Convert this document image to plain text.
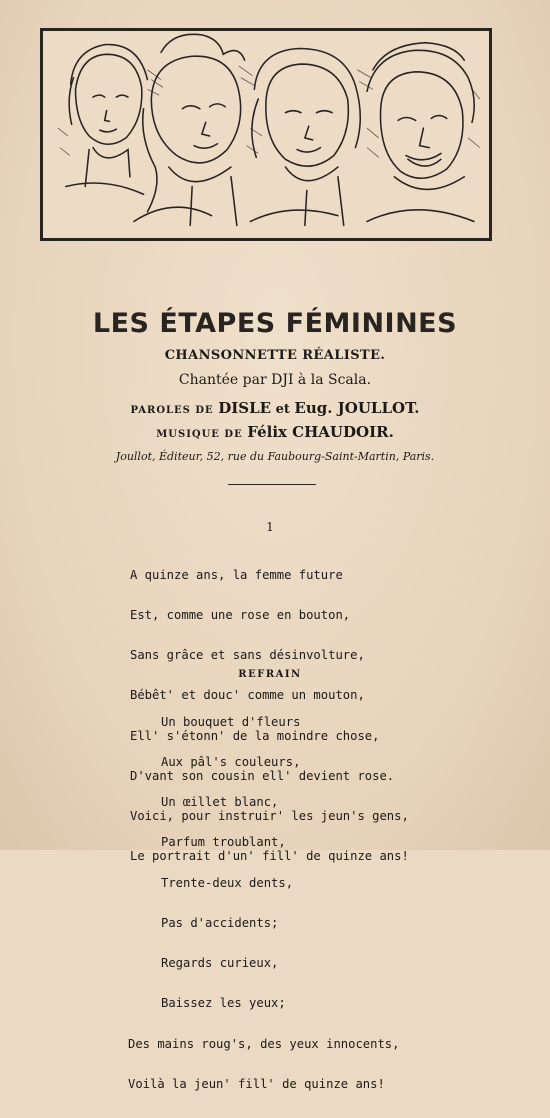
LES ÉTAPES FÉMININES
CHANSONNETTE RÉALISTE.
Chantée par DJI à la Scala.
PAROLES DE DISLE et Eug. JOULLOT.
MUSIQUE DE Félix CHAUDOIR.
Joullot, Éditeur, 52, rue du Faubourg-Saint-Martin, Paris.
1

A quinze ans, la femme future

Est, comme une rose en bouton,

Sans grâce et sans désinvolture,

Bébêt' et douc' comme un mouton,

Ell' s'étonn' de la moindre chose,

D'vant son cousin ell' devient rose.

Voici, pour instruir' les jeun's gens,

Le portrait d'un' fill' de quinze ans!

REFRAIN

Un bouquet d'fleurs

Aux pâl's couleurs,

Un œillet blanc,

Parfum troublant,

Trente-deux dents,

Pas d'accidents;

Regards curieux,

Baissez les yeux;

Des mains roug's, des yeux innocents,

Voilà la jeun' fill' de quinze ans!
